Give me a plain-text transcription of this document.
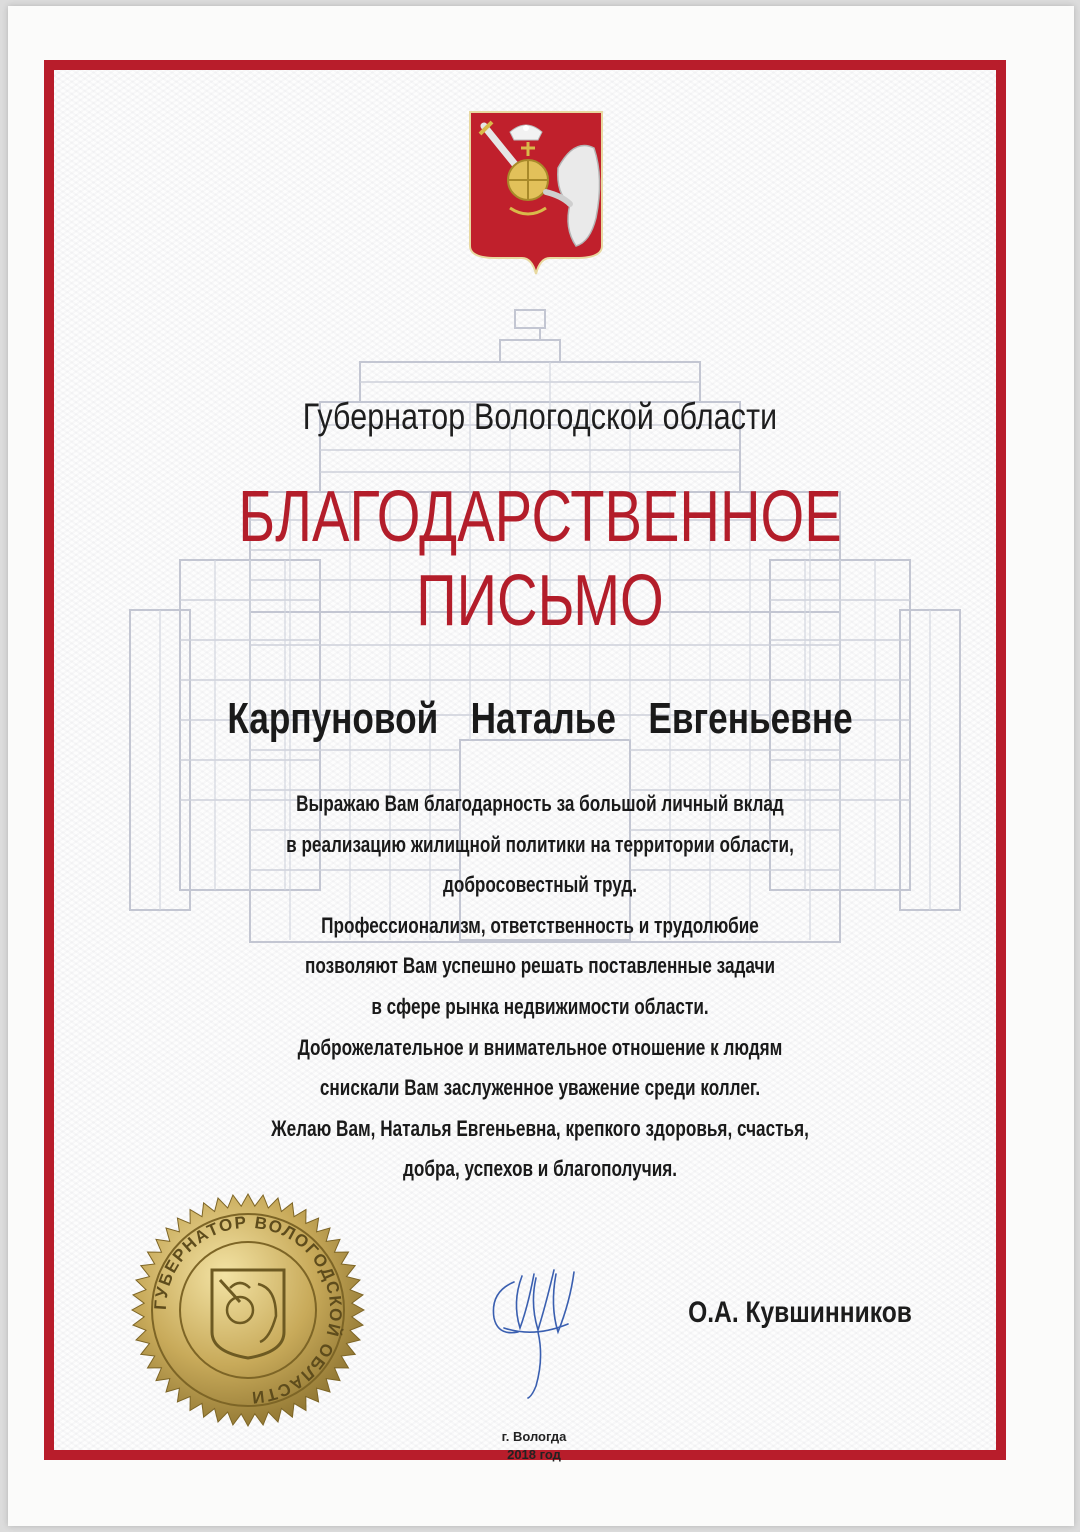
Губернатор Вологодской области
БЛАГОДАРСТВЕННОЕ
ПИСЬМО
Карпуновой  Наталье  Евгеньевне
Выражаю Вам благодарность за большой личный вклад
в реализацию жилищной политики на территории области,
добросовестный труд.
Профессионализм, ответственность и трудолюбие
позволяют Вам успешно решать поставленные задачи
в сфере рынка недвижимости области.
Доброжелательное и внимательное отношение к людям
снискали Вам заслуженное уважение среди коллег.
Желаю Вам, Наталья Евгеньевна, крепкого здоровья, счастья,
добра, успехов и благополучия.
ГУБЕРНАТОР ВОЛОГОДСКОЙ ОБЛАСТИ
О.А. Кувшинников
г. Вологда
2018 год
